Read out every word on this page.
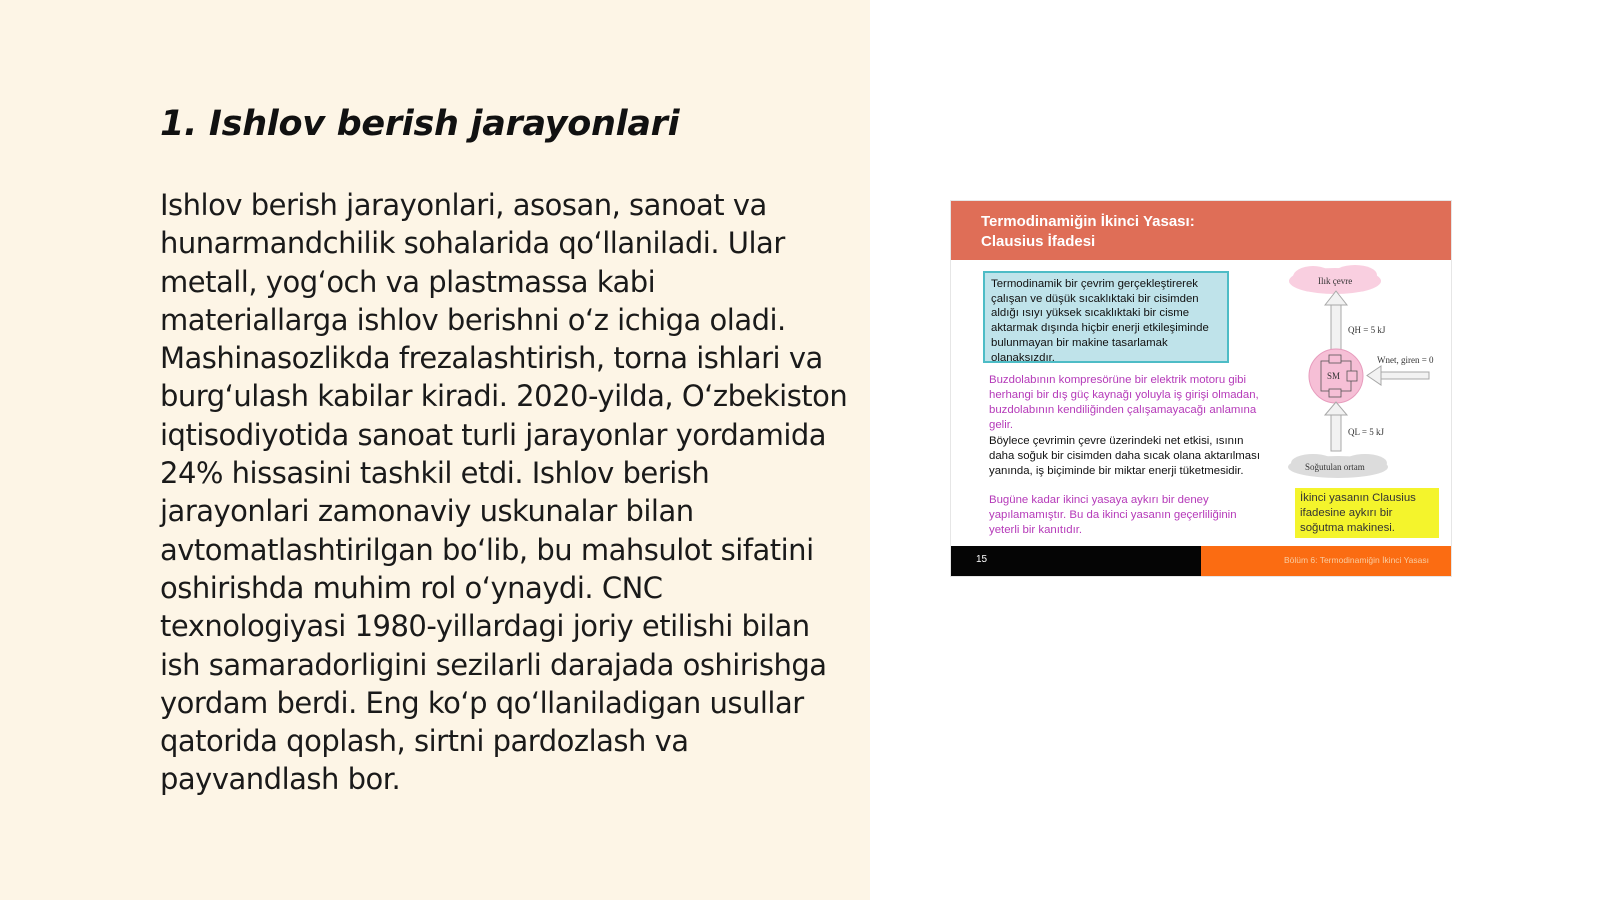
1. Ishlov berish jarayonlari

Ishlov berish jarayonlari, asosan, sanoat va hunarmandchilik sohalarida qo‘llaniladi. Ular metall, yog‘och va plastmassa kabi materiallarga ishlov berishni o‘z ichiga oladi. Mashinasozlikda frezalashtirish, torna ishlari va burg‘ulash kabilar kiradi. 2020-yilda, O‘zbekiston iqtisodiyotida sanoat turli jarayonlar yordamida 24% hissasini tashkil etdi. Ishlov berish jarayonlari zamonaviy uskunalar bilan avtomatlashtirilgan bo‘lib, bu mahsulot sifatini oshirishda muhim rol o‘ynaydi. CNC texnologiyasi 1980-yillardagi joriy etilishi bilan ish samaradorligini sezilarli darajada oshirishga yordam berdi. Eng ko‘p qo‘llaniladigan usullar qatorida qoplash, sirtni pardozlash va payvandlash bor.

Termodinamiğin İkinci Yasası:
Clausius İfadesi
Termodinamik bir çevrim gerçekleştirerek çalışan ve düşük sıcaklıktaki bir cisimden aldığı ısıyı yüksek sıcaklıktaki bir cisme aktarmak dışında hiçbir enerji etkileşiminde bulunmayan bir makine tasarlamak olanaksızdır.

Buzdolabının kompresörüne bir elektrik motoru gibi herhangi bir dış güç kaynağı yoluyla iş girişi olmadan, buzdolabının kendiliğinden çalışamayacağı anlamına gelir.

Böylece çevrimin çevre üzerindeki net etkisi, ısının daha soğuk bir cisimden daha sıcak olana aktarılması yanında, iş biçiminde bir miktar enerji tüketmesidir.

Bugüne kadar ikinci yasaya aykırı bir deney yapılamamıştır. Bu da ikinci yasanın geçerliliğinin yeterli bir kanıtıdır.

Ilık çevre
QH = 5 kJ
SM
Wnet, giren = 0
QL = 5 kJ
Soğutulan ortam
İkinci yasanın Clausius ifadesine aykırı bir soğutma makinesi.
15	Bölüm 6: Termodinamiğin İkinci Yasası
